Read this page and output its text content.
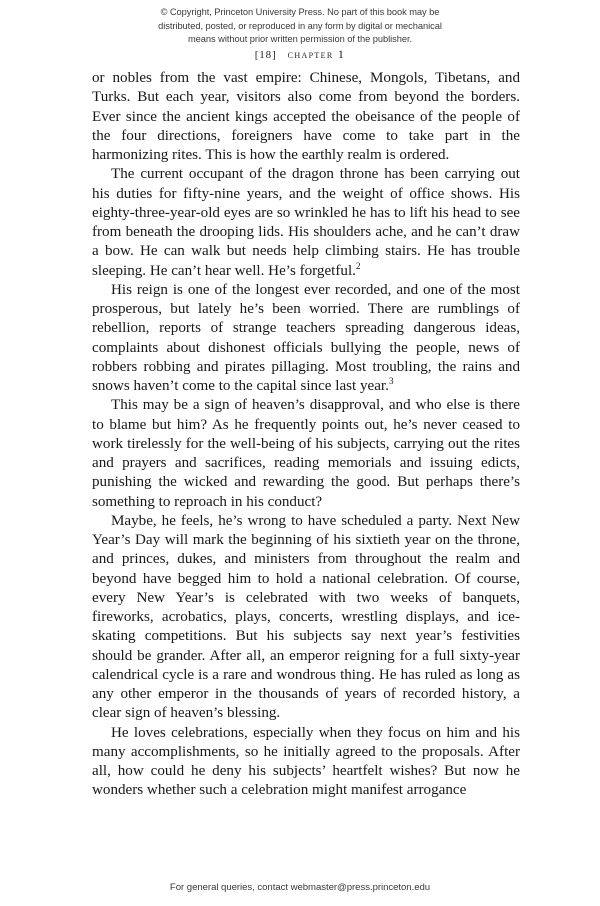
© Copyright, Princeton University Press. No part of this book may be
distributed, posted, or reproduced in any form by digital or mechanical
means without prior written permission of the publisher.
[18] chapter 1

or nobles from the vast empire: Chinese, Mongols, Tibetans, and Turks. But each year, visitors also come from beyond the borders. Ever since the ancient kings accepted the obeisance of the people of the four directions, foreigners have come to take part in the harmonizing rites. This is how the earthly realm is ordered.

The current occupant of the dragon throne has been carrying out his duties for fifty-nine years, and the weight of office shows. His eighty-three-year-old eyes are so wrinkled he has to lift his head to see from beneath the drooping lids. His shoulders ache, and he can’t draw a bow. He can walk but needs help climbing stairs. He has trouble sleeping. He can’t hear well. He’s forgetful.$^2$

His reign is one of the longest ever recorded, and one of the most prosperous, but lately he’s been worried. There are rumblings of rebellion, reports of strange teachers spreading dangerous ideas, complaints about dishonest officials bullying the people, news of robbers robbing and pirates pillaging. Most troubling, the rains and snows haven’t come to the capital since last year.$^3$

This may be a sign of heaven’s disapproval, and who else is there to blame but him? As he frequently points out, he’s never ceased to work tirelessly for the well-being of his subjects, carrying out the rites and prayers and sacrifices, reading memorials and issuing edicts, punishing the wicked and rewarding the good. But perhaps there’s something to reproach in his conduct?

Maybe, he feels, he’s wrong to have scheduled a party. Next New Year’s Day will mark the beginning of his sixtieth year on the throne, and princes, dukes, and ministers from throughout the realm and beyond have begged him to hold a national celebration. Of course, every New Year’s is celebrated with two weeks of banquets, fireworks, acrobatics, plays, concerts, wrestling displays, and ice-skating competitions. But his subjects say next year’s festivities should be grander. After all, an emperor reigning for a full sixty-year calendrical cycle is a rare and wondrous thing. He has ruled as long as any other emperor in the thousands of years of recorded history, a clear sign of heaven’s blessing.

He loves celebrations, especially when they focus on him and his many accomplishments, so he initially agreed to the proposals. After all, how could he deny his subjects’ heartfelt wishes? But now he wonders whether such a celebration might manifest arrogance

For general queries, contact webmaster@press.princeton.edu
